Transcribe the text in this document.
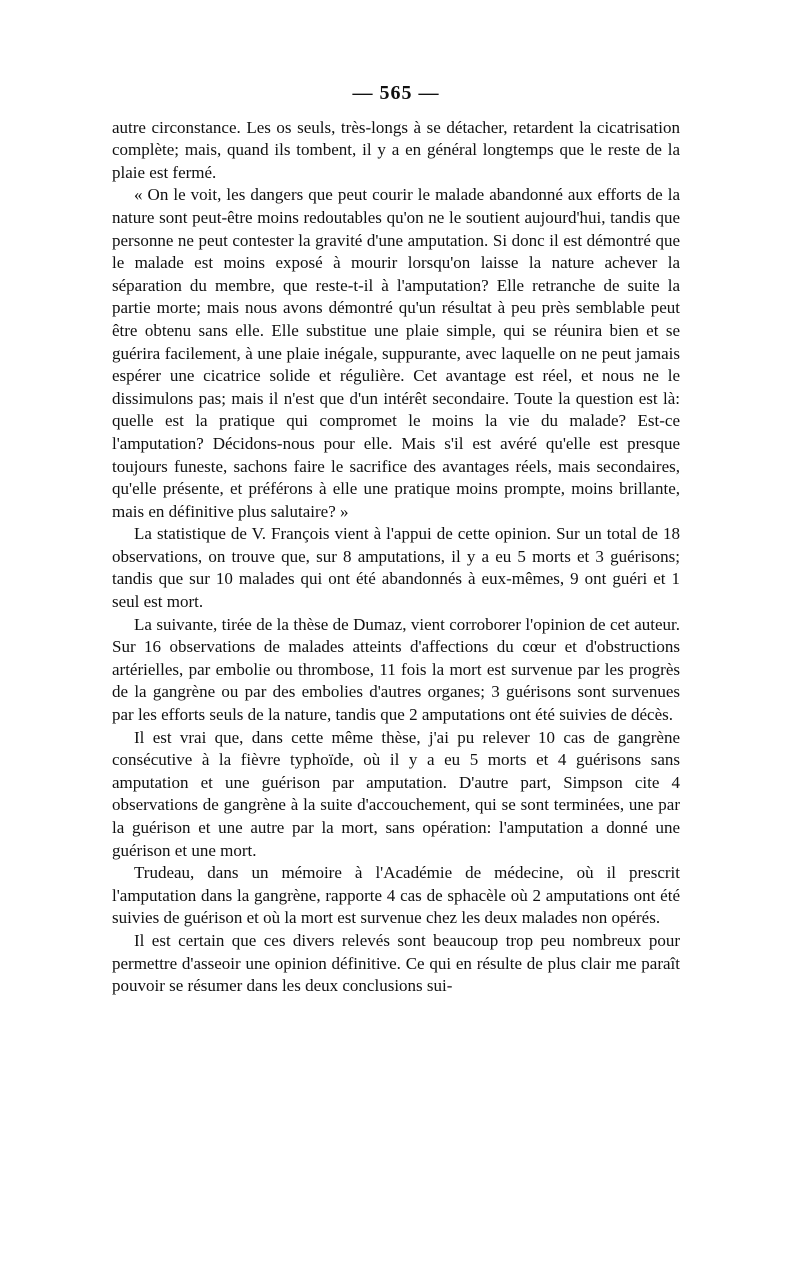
— 565 —

autre circonstance. Les os seuls, très-longs à se détacher, retardent la cicatrisation complète; mais, quand ils tombent, il y a en général longtemps que le reste de la plaie est fermé.

« On le voit, les dangers que peut courir le malade abandonné aux efforts de la nature sont peut-être moins redoutables qu'on ne le soutient aujourd'hui, tandis que personne ne peut contester la gravité d'une amputation. Si donc il est démontré que le malade est moins exposé à mourir lorsqu'on laisse la nature achever la séparation du membre, que reste-t-il à l'amputation? Elle retranche de suite la partie morte; mais nous avons démontré qu'un résultat à peu près semblable peut être obtenu sans elle. Elle substitue une plaie simple, qui se réunira bien et se guérira facilement, à une plaie inégale, suppurante, avec laquelle on ne peut jamais espérer une cicatrice solide et régulière. Cet avantage est réel, et nous ne le dissimulons pas; mais il n'est que d'un intérêt secondaire. Toute la question est là: quelle est la pratique qui compromet le moins la vie du malade? Est-ce l'amputation? Décidons-nous pour elle. Mais s'il est avéré qu'elle est presque toujours funeste, sachons faire le sacrifice des avantages réels, mais secondaires, qu'elle présente, et préférons à elle une pratique moins prompte, moins brillante, mais en définitive plus salutaire? »

La statistique de V. François vient à l'appui de cette opinion. Sur un total de 18 observations, on trouve que, sur 8 amputations, il y a eu 5 morts et 3 guérisons; tandis que sur 10 malades qui ont été abandonnés à eux-mêmes, 9 ont guéri et 1 seul est mort.

La suivante, tirée de la thèse de Dumaz, vient corroborer l'opinion de cet auteur. Sur 16 observations de malades atteints d'affections du cœur et d'obstructions artérielles, par embolie ou thrombose, 11 fois la mort est survenue par les progrès de la gangrène ou par des embolies d'autres organes; 3 guérisons sont survenues par les efforts seuls de la nature, tandis que 2 amputations ont été suivies de décès.

Il est vrai que, dans cette même thèse, j'ai pu relever 10 cas de gangrène consécutive à la fièvre typhoïde, où il y a eu 5 morts et 4 guérisons sans amputation et une guérison par amputation. D'autre part, Simpson cite 4 observations de gangrène à la suite d'accouchement, qui se sont terminées, une par la guérison et une autre par la mort, sans opération: l'amputation a donné une guérison et une mort.

Trudeau, dans un mémoire à l'Académie de médecine, où il prescrit l'amputation dans la gangrène, rapporte 4 cas de sphacèle où 2 amputations ont été suivies de guérison et où la mort est survenue chez les deux malades non opérés.

Il est certain que ces divers relevés sont beaucoup trop peu nombreux pour permettre d'asseoir une opinion définitive. Ce qui en résulte de plus clair me paraît pouvoir se résumer dans les deux conclusions sui-
